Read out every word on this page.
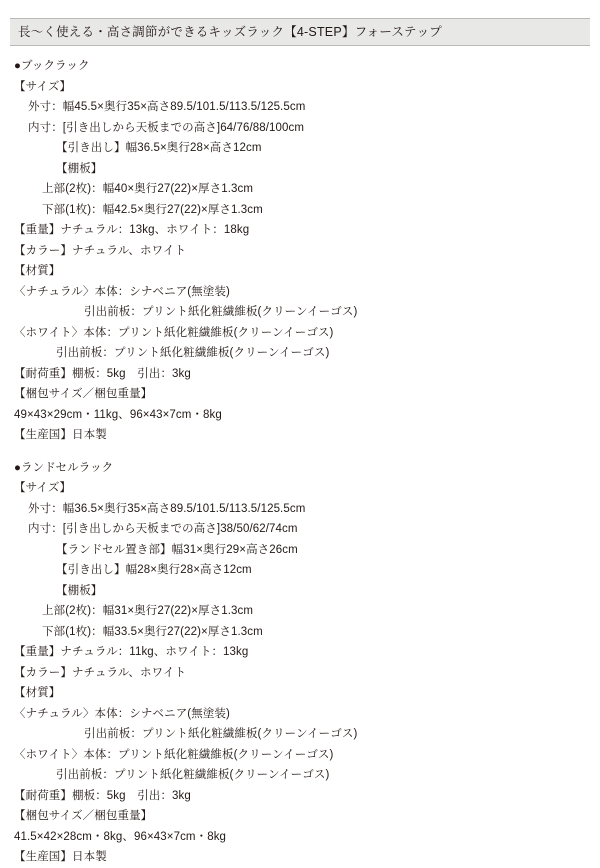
長〜く使える・高さ調節ができるキッズラック【4-STEP】フォーステップ
●ブックラック
【サイズ】
外寸：幅45.5×奥行35×高さ89.5/101.5/113.5/125.5cm
内寸：[引き出しから天板までの高さ]64/76/88/100cm
【引き出し】幅36.5×奥行28×高さ12cm
【棚板】
上部(2枚)：幅40×奥行27(22)×厚さ1.3cm
下部(1枚)：幅42.5×奥行27(22)×厚さ1.3cm
【重量】ナチュラル：13kg、ホワイト：18kg
【カラー】ナチュラル、ホワイト
【材質】
〈ナチュラル〉本体：シナベニア(無塗装)
引出前板：プリント紙化粧繊維板(クリーンイーゴス)
〈ホワイト〉本体：プリント紙化粧繊維板(クリーンイーゴス)
引出前板：プリント紙化粧繊維板(クリーンイーゴス)
【耐荷重】棚板：5kg　引出：3kg
【梱包サイズ／梱包重量】
49×43×29cm・11kg、96×43×7cm・8kg
【生産国】日本製
●ランドセルラック
【サイズ】
外寸：幅36.5×奥行35×高さ89.5/101.5/113.5/125.5cm
内寸：[引き出しから天板までの高さ]38/50/62/74cm
【ランドセル置き部】幅31×奥行29×高さ26cm
【引き出し】幅28×奥行28×高さ12cm
【棚板】
上部(2枚)：幅31×奥行27(22)×厚さ1.3cm
下部(1枚)：幅33.5×奥行27(22)×厚さ1.3cm
【重量】ナチュラル：11kg、ホワイト：13kg
【カラー】ナチュラル、ホワイト
【材質】
〈ナチュラル〉本体：シナベニア(無塗装)
引出前板：プリント紙化粧繊維板(クリーンイーゴス)
〈ホワイト〉本体：プリント紙化粧繊維板(クリーンイーゴス)
引出前板：プリント紙化粧繊維板(クリーンイーゴス)
【耐荷重】棚板：5kg　引出：3kg
【梱包サイズ／梱包重量】
41.5×42×28cm・8kg、96×43×7cm・8kg
【生産国】日本製
